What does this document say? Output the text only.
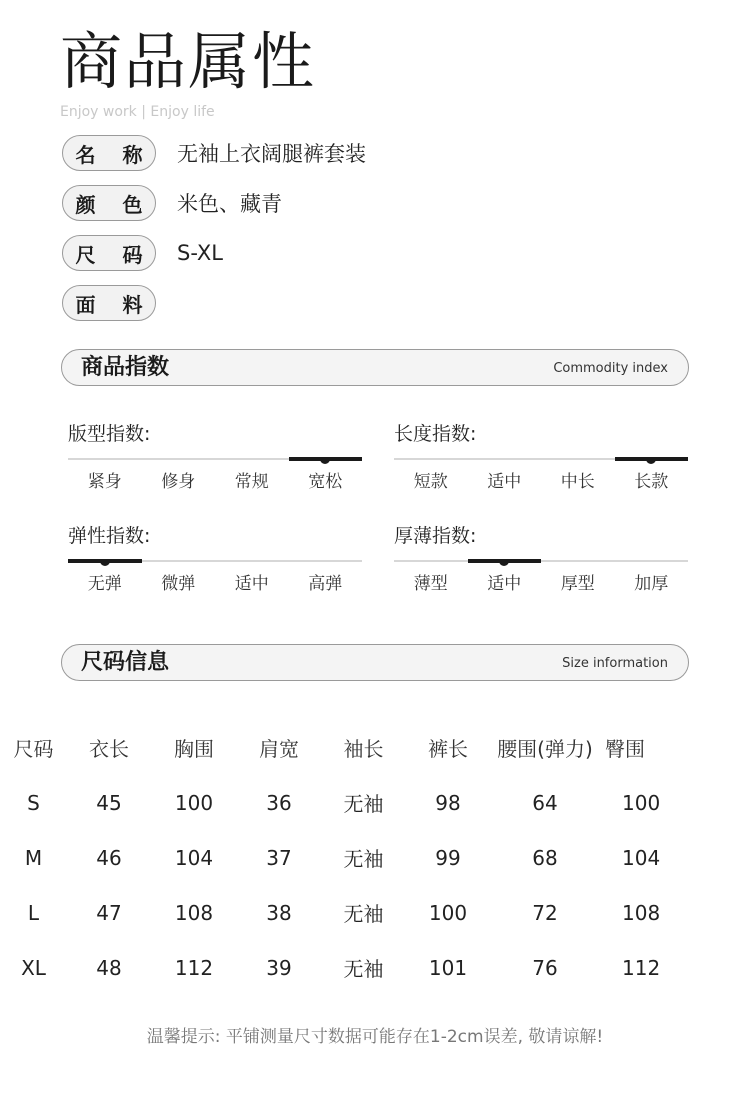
商品属性
Enjoy work | Enjoy life
名 称 无袖上衣阔腿裤套装
颜 色 米色、藏青
尺 码 S-XL
面 料
商品指数	Commodity index
版型指数:
紧身	修身	常规	宽松
长度指数:
短款	适中	中长	长款
弹性指数:
无弹	微弹	适中	高弹
厚薄指数:
薄型	适中	厚型	加厚
尺码信息	Size information
尺码	衣长	胸围	肩宽	袖长	裤长	腰围(弹力)	臀围
S	45	100	36	无袖	98	64	100
M	46	104	37	无袖	99	68	104
L	47	108	38	无袖	100	72	108
XL	48	112	39	无袖	101	76	112
温馨提示: 平铺测量尺寸数据可能存在1-2cm误差, 敬请谅解!
